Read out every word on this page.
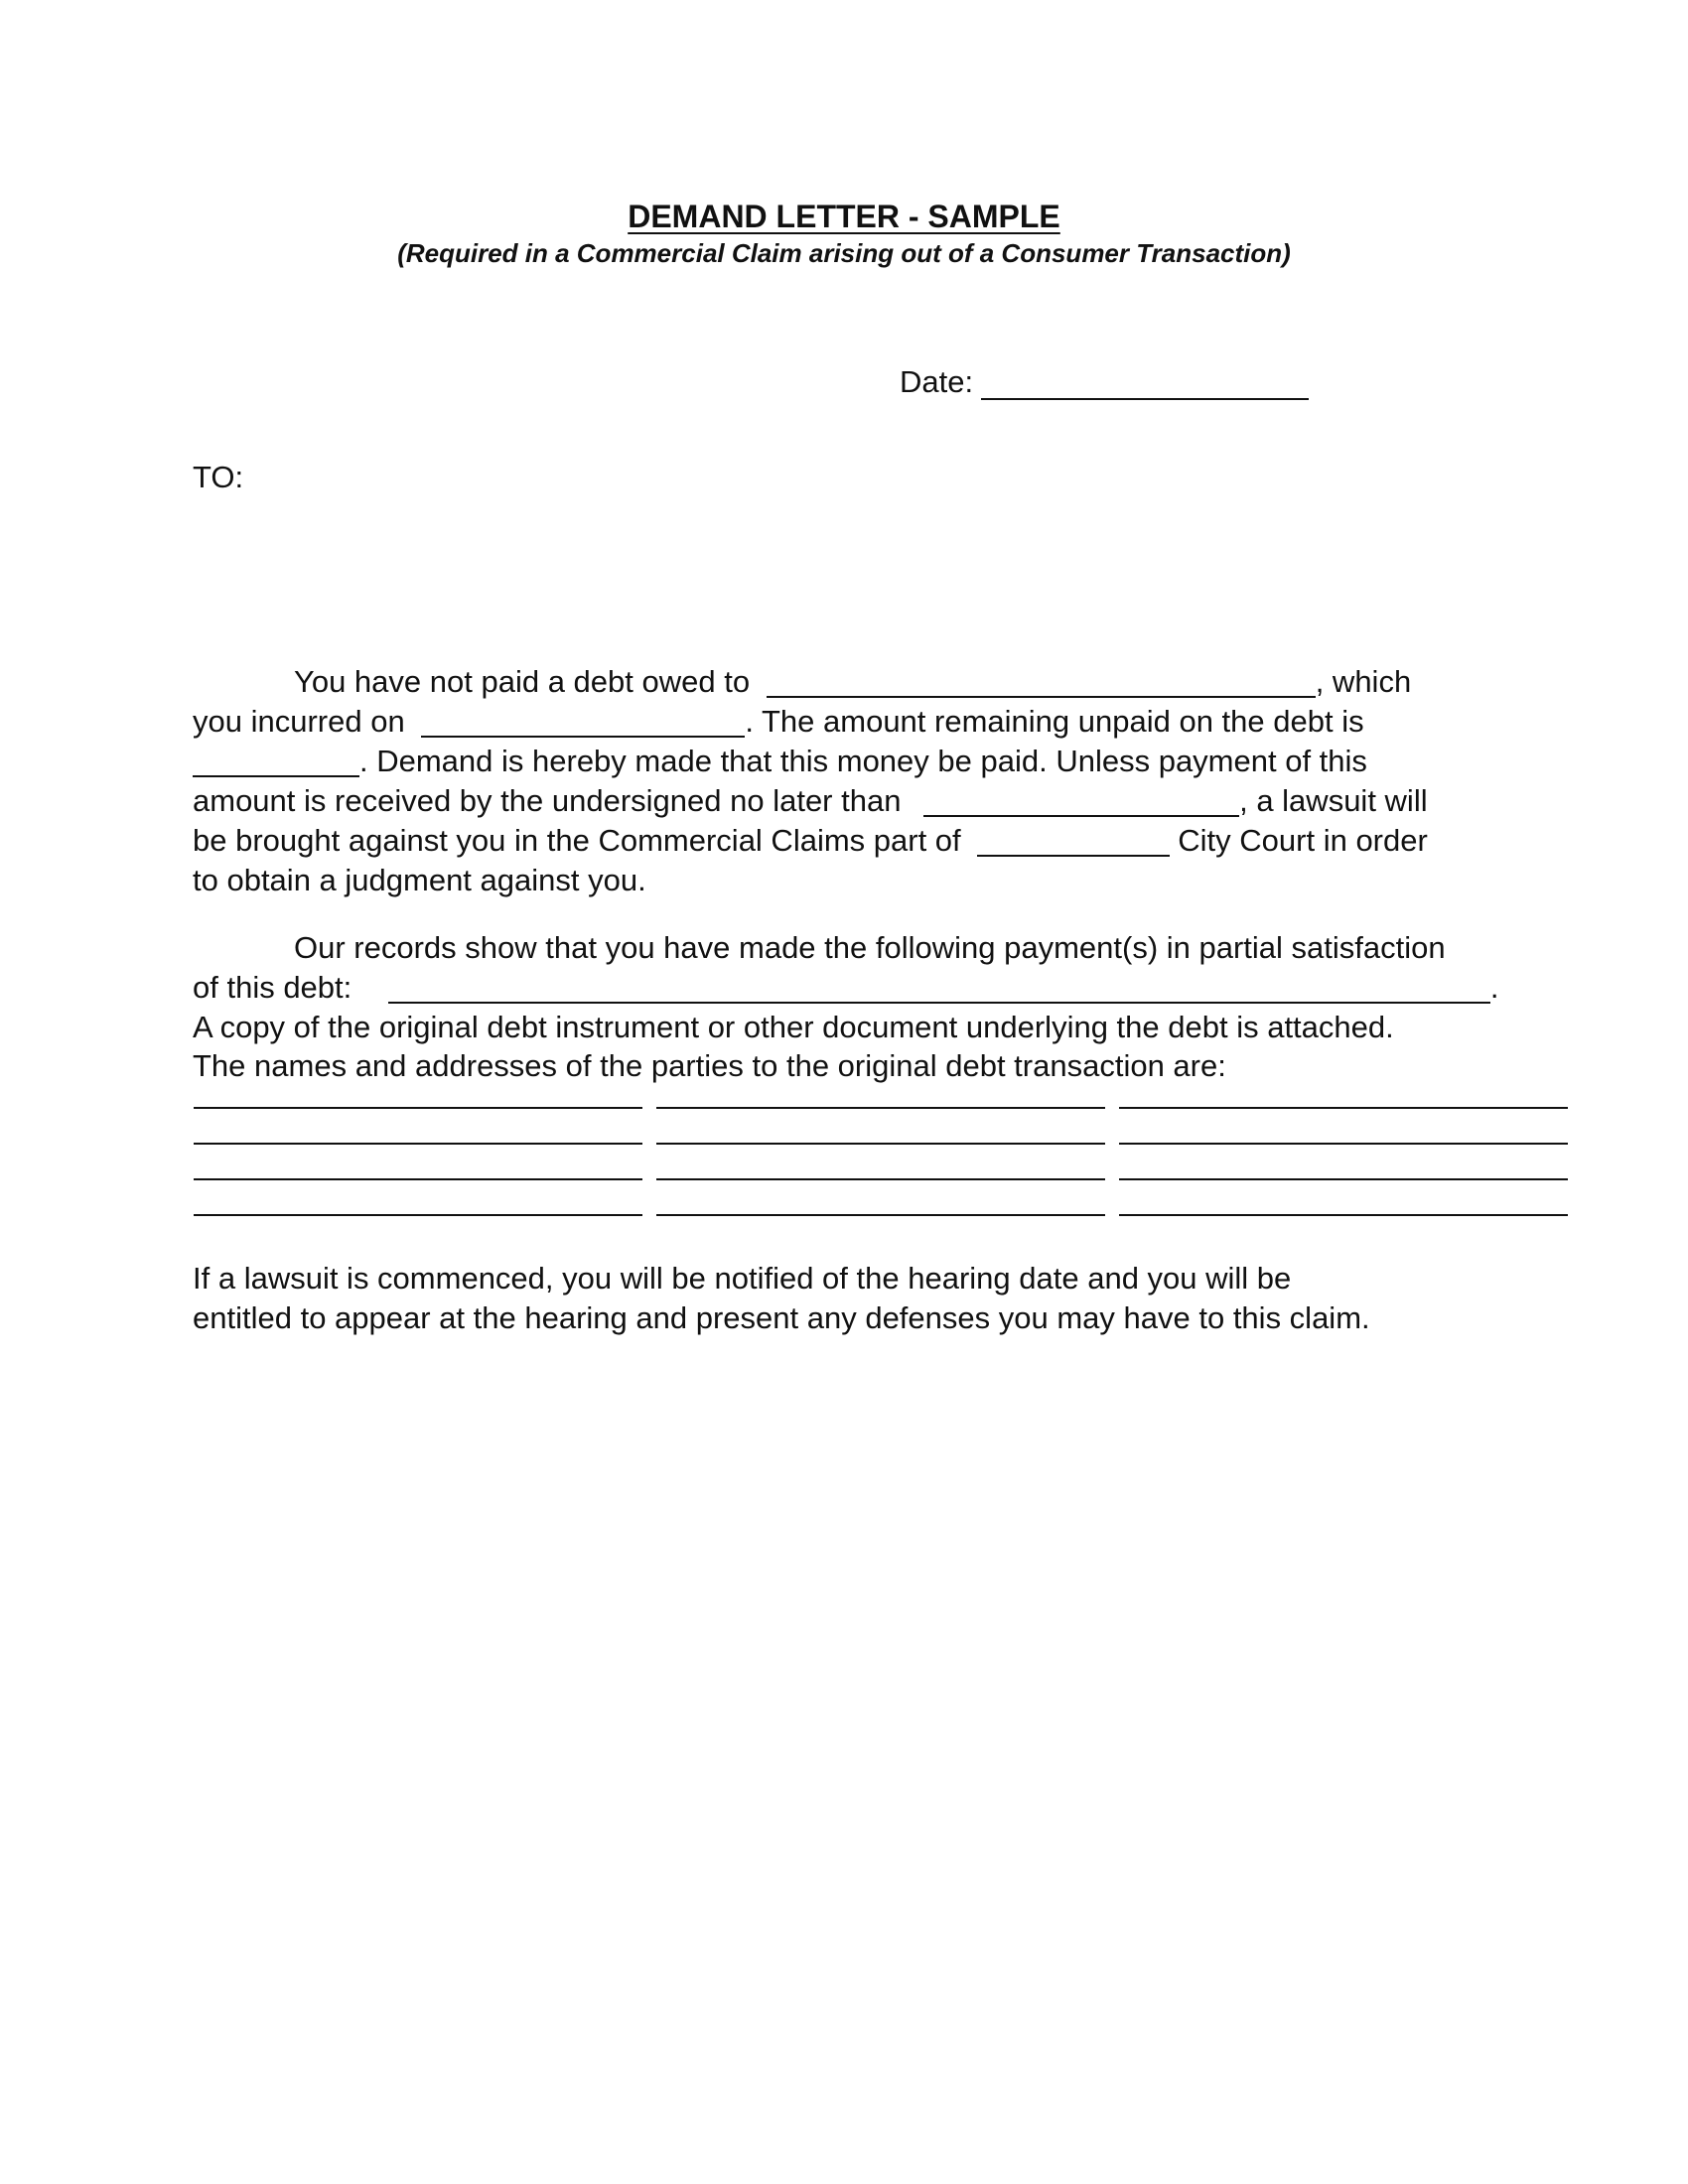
DEMAND LETTER - SAMPLE
(Required in a Commercial Claim arising out of a Consumer Transaction)
Date:
TO:
You have not paid a debt owed to	, which
you incurred on	. The amount remaining unpaid on the debt is
. Demand is hereby made that this money be paid. Unless payment of this
amount is received by the undersigned no later than	, a lawsuit will
be brought against you in the Commercial Claims part of	City Court in order
to obtain a judgment against you.
Our records show that you have made the following payment(s) in partial satisfaction
of this debt:	.
A copy of the original debt instrument or other document underlying the debt is attached.
The names and addresses of the parties to the original debt transaction are:
If a lawsuit is commenced, you will be notified of the hearing date and you will be
entitled to appear at the hearing and present any defenses you may have to this claim.
